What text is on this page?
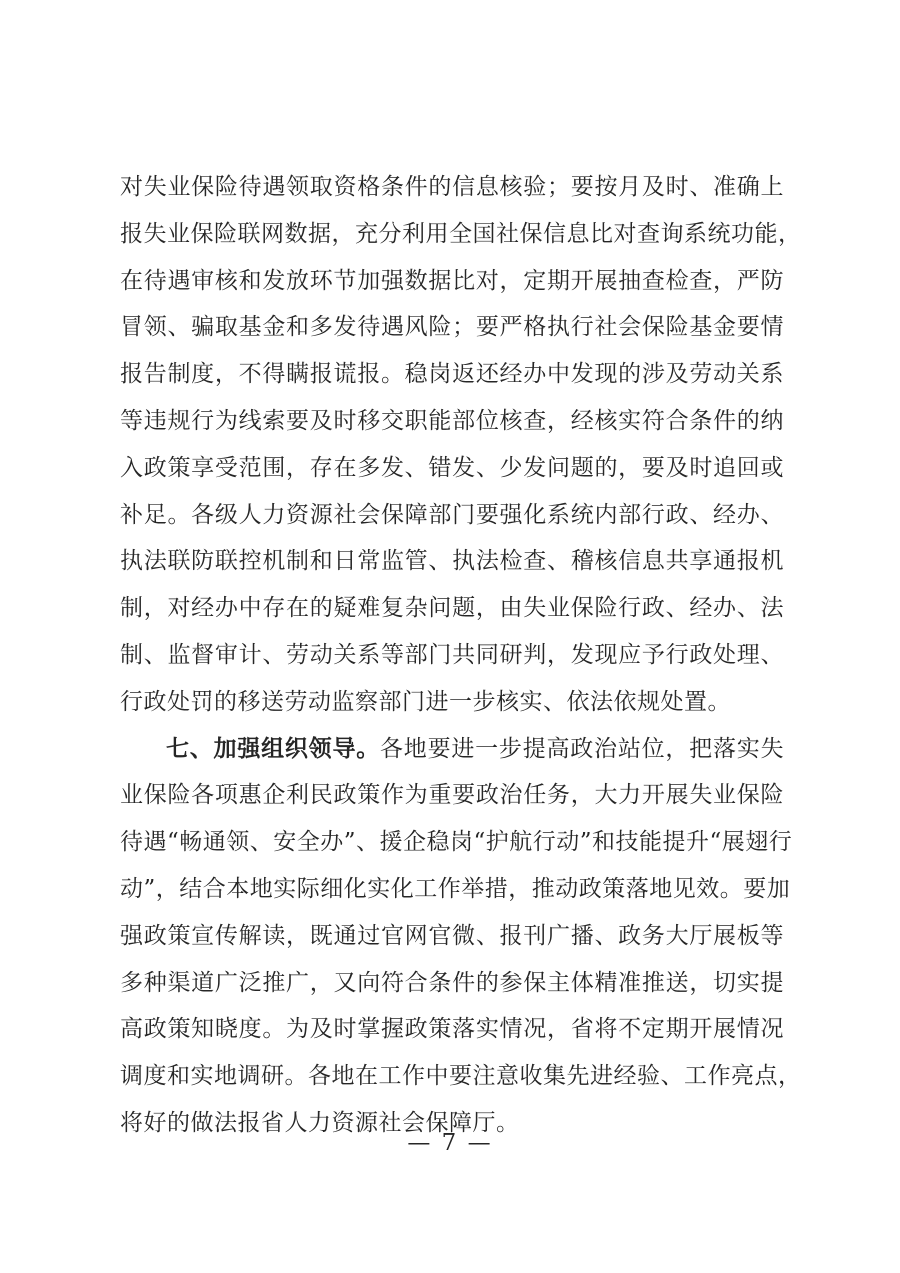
对失业保险待遇领取资格条件的信息核验；要按月及时、准确上
报失业保险联网数据，充分利用全国社保信息比对查询系统功能，
在待遇审核和发放环节加强数据比对，定期开展抽查检查，严防
冒领、骗取基金和多发待遇风险；要严格执行社会保险基金要情
报告制度，不得瞒报谎报。稳岗返还经办中发现的涉及劳动关系
等违规行为线索要及时移交职能部位核查，经核实符合条件的纳
入政策享受范围，存在多发、错发、少发问题的，要及时追回或
补足。各级人力资源社会保障部门要强化系统内部行政、经办、
执法联防联控机制和日常监管、执法检查、稽核信息共享通报机
制，对经办中存在的疑难复杂问题，由失业保险行政、经办、法
制、监督审计、劳动关系等部门共同研判，发现应予行政处理、
行政处罚的移送劳动监察部门进一步核实、依法依规处置。
七、加强组织领导。各地要进一步提高政治站位，把落实失
业保险各项惠企利民政策作为重要政治任务，大力开展失业保险
待遇“畅通领、安全办”、援企稳岗“护航行动”和技能提升“展翅行
动”，结合本地实际细化实化工作举措，推动政策落地见效。要加
强政策宣传解读，既通过官网官微、报刊广播、政务大厅展板等
多种渠道广泛推广，又向符合条件的参保主体精准推送，切实提
高政策知晓度。为及时掌握政策落实情况，省将不定期开展情况
调度和实地调研。各地在工作中要注意收集先进经验、工作亮点，
将好的做法报省人力资源社会保障厅。
— 7 —
